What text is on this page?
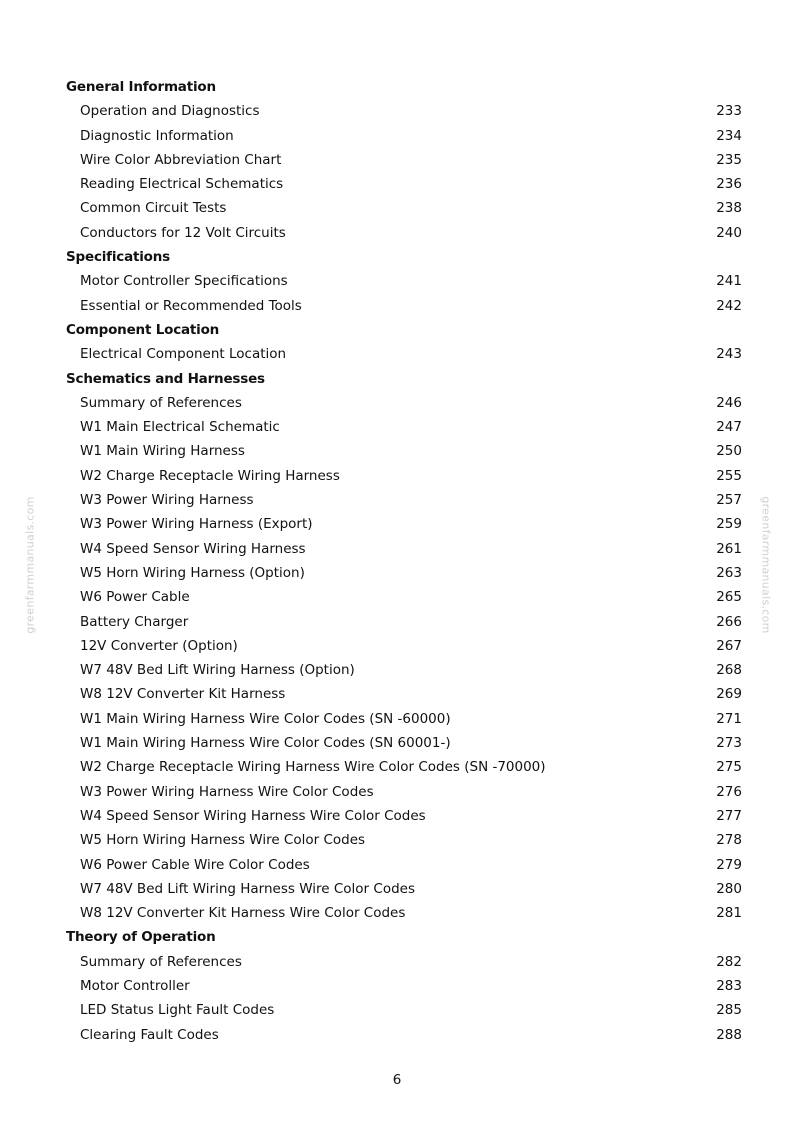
greenfarmmanuals.com	greenfarmmanuals.com
General Information
Operation and Diagnostics	233
Diagnostic Information	234
Wire Color Abbreviation Chart	235
Reading Electrical Schematics	236
Common Circuit Tests	238
Conductors for 12 Volt Circuits	240
Specifications
Motor Controller Specifications	241
Essential or Recommended Tools	242
Component Location
Electrical Component Location	243
Schematics and Harnesses
Summary of References	246
W1 Main Electrical Schematic	247
W1 Main Wiring Harness	250
W2 Charge Receptacle Wiring Harness	255
W3 Power Wiring Harness	257
W3 Power Wiring Harness (Export)	259
W4 Speed Sensor Wiring Harness	261
W5 Horn Wiring Harness (Option)	263
W6 Power Cable	265
Battery Charger	266
12V Converter (Option)	267
W7 48V Bed Lift Wiring Harness (Option)	268
W8 12V Converter Kit Harness	269
W1 Main Wiring Harness Wire Color Codes (SN -60000)	271
W1 Main Wiring Harness Wire Color Codes (SN 60001-)	273
W2 Charge Receptacle Wiring Harness Wire Color Codes (SN -70000)	275
W3 Power Wiring Harness Wire Color Codes	276
W4 Speed Sensor Wiring Harness Wire Color Codes	277
W5 Horn Wiring Harness Wire Color Codes	278
W6 Power Cable Wire Color Codes	279
W7 48V Bed Lift Wiring Harness Wire Color Codes	280
W8 12V Converter Kit Harness Wire Color Codes	281
Theory of Operation
Summary of References	282
Motor Controller	283
LED Status Light Fault Codes	285
Clearing Fault Codes	288
6
